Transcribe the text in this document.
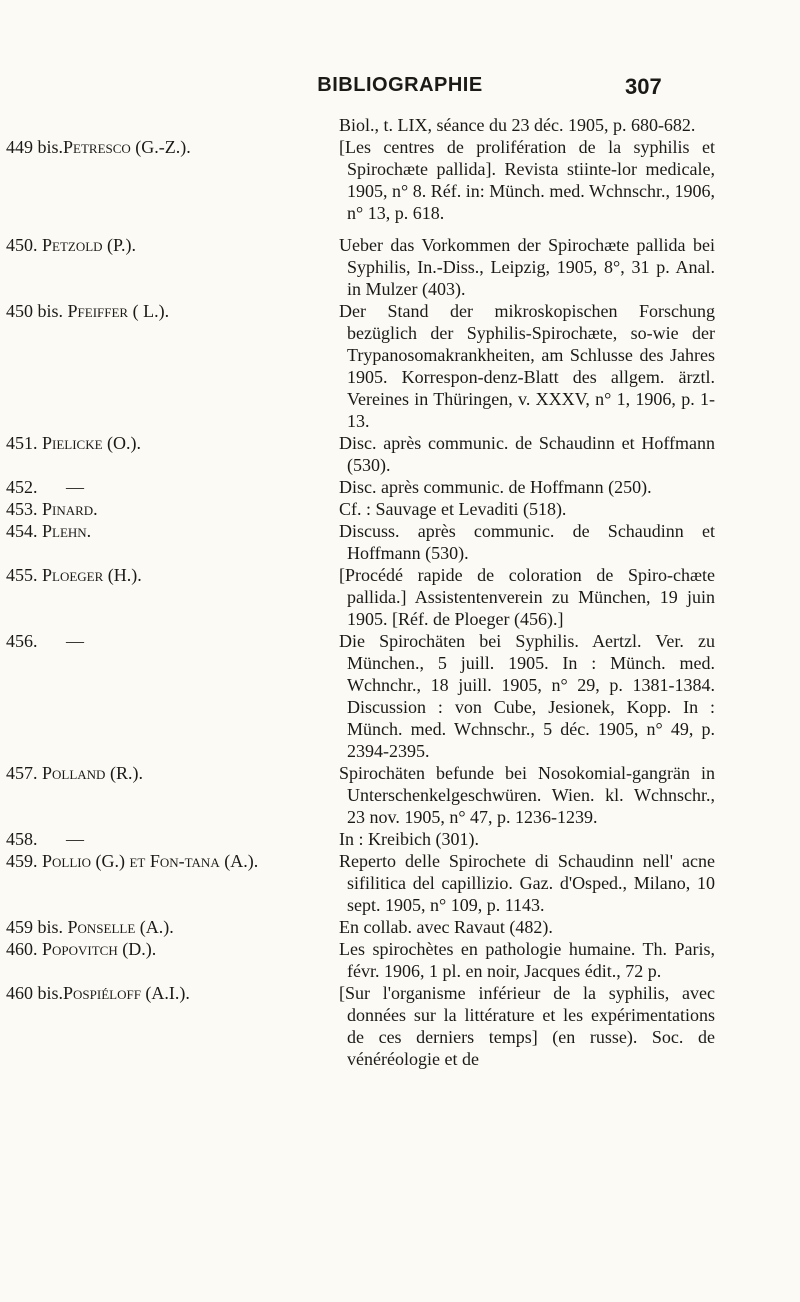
BIBLIOGRAPHIE	307
Biol., t. LIX, séance du 23 déc. 1905, p. 680-682.
449 bis.Petresco (G.-Z.).	[Les centres de prolifération de la syphilis et Spirochæte pallida]. Revista stiinte-lor medicale, 1905, n° 8. Réf. in: Münch. med. Wchnschr., 1906, n° 13, p. 618.
450. Petzold (P.).	Ueber das Vorkommen der Spirochæte pallida bei Syphilis, In.-Diss., Leipzig, 1905, 8°, 31 p. Anal. in Mulzer (403).
450 bis. Pfeiffer ( L.).	Der Stand der mikroskopischen Forschung bezüglich der Syphilis-Spirochæte, so-wie der Trypanosomakrankheiten, am Schlusse des Jahres 1905. Korrespon-denz-Blatt des allgem. ärztl. Vereines in Thüringen, v. XXXV, n° 1, 1906, p. 1-13.
451. Pielicke (O.).	Disc. après communic. de Schaudinn et Hoffmann (530).
452. —	Disc. après communic. de Hoffmann (250).
453. Pinard.	Cf. : Sauvage et Levaditi (518).
454. Plehn.	Discuss. après communic. de Schaudinn et Hoffmann (530).
455. Ploeger (H.).	[Procédé rapide de coloration de Spiro-chæte pallida.] Assistentenverein zu München, 19 juin 1905. [Réf. de Ploeger (456).]
456. —	Die Spirochäten bei Syphilis. Aertzl. Ver. zu München., 5 juill. 1905. In : Münch. med. Wchnchr., 18 juill. 1905, n° 29, p. 1381-1384. Discussion : von Cube, Jesionek, Kopp. In : Münch. med. Wchnschr., 5 déc. 1905, n° 49, p. 2394-2395.
457. Polland (R.).	Spirochäten befunde bei Nosokomial-gangrän in Unterschenkelgeschwüren. Wien. kl. Wchnschr., 23 nov. 1905, n° 47, p. 1236-1239.
458. —	In : Kreibich (301).
459. Pollio (G.) et Fon-tana (A.).	Reperto delle Spirochete di Schaudinn nell' acne sifilitica del capillizio. Gaz. d'Osped., Milano, 10 sept. 1905, n° 109, p. 1143.
459 bis. Ponselle (A.).	En collab. avec Ravaut (482).
460. Popovitch (D.).	Les spirochètes en pathologie humaine. Th. Paris, févr. 1906, 1 pl. en noir, Jacques édit., 72 p.
460 bis.Pospiéloff (A.I.).	[Sur l'organisme inférieur de la syphilis, avec données sur la littérature et les expérimentations de ces derniers temps] (en russe). Soc. de vénéréologie et de
